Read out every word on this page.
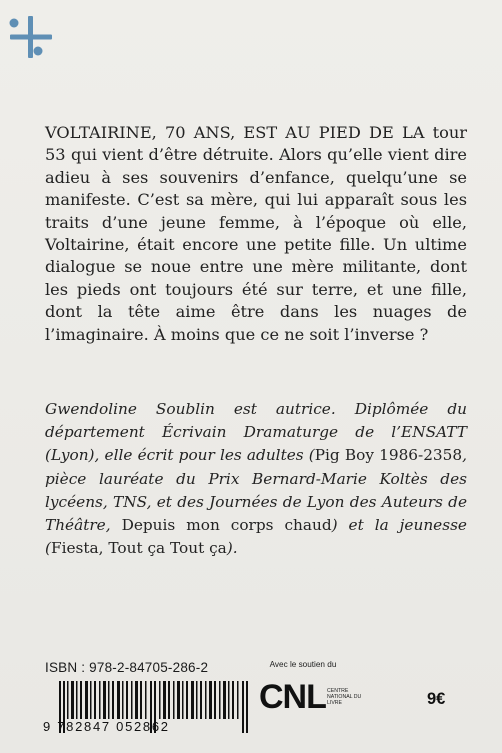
VOLTAIRINE, 70 ANS, EST AU PIED DE LA tour 53 qui vient d’être détruite. Alors qu’elle vient dire adieu à ses souvenirs d’enfance, quelqu’une se manifeste. C’est sa mère, qui lui apparaît sous les traits d’une jeune femme, à l’époque où elle, Voltairine, était encore une petite fille. Un ultime dialogue se noue entre une mère militante, dont les pieds ont toujours été sur terre, et une fille, dont la tête aime être dans les nuages de l’imaginaire. À moins que ce ne soit l’inverse ?

Gwendoline Soublin est autrice. Diplômée du département Écrivain Dramaturge de l’ENSATT (Lyon), elle écrit pour les adultes (Pig Boy 1986-2358, pièce lauréate du Prix Bernard-Marie Koltès des lycéens, TNS, et des Journées de Lyon des Auteurs de Théâtre, Depuis mon corps chaud) et la jeunesse (Fiesta, Tout ça Tout ça).

ISBN : 978-2-84705-286-2
9 782847 052862
Avec le soutien du
CNL CENTRE NATIONAL DU LIVRE	9€
